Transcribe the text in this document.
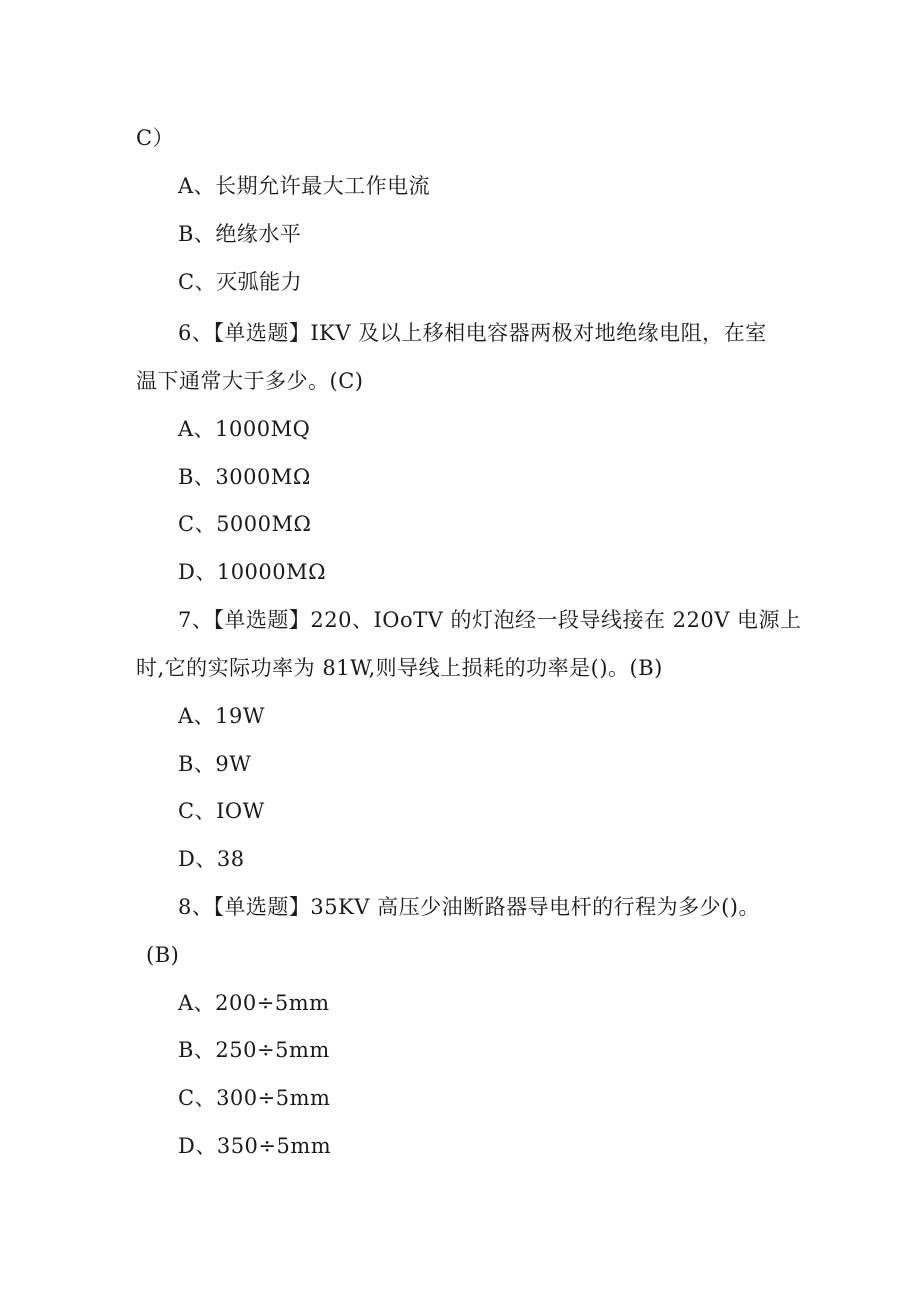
C）
A、长期允许最大工作电流
B、绝缘水平
C、灭弧能力
6、【单选题】IKV 及以上移相电容器两极对地绝缘电阻，在室
温下通常大于多少。(C)
A、1000MQ
B、3000MΩ
C、5000MΩ
D、10000MΩ
7、【单选题】220、IOoTV 的灯泡经一段导线接在 220V 电源上
时,它的实际功率为 81W,则导线上损耗的功率是()。(B)
A、19W
B、9W
C、IOW
D、38
8、【单选题】35KV 高压少油断路器导电杆的行程为多少()。
(B)
A、200÷5mm
B、250÷5mm
C、300÷5mm
D、350÷5mm
